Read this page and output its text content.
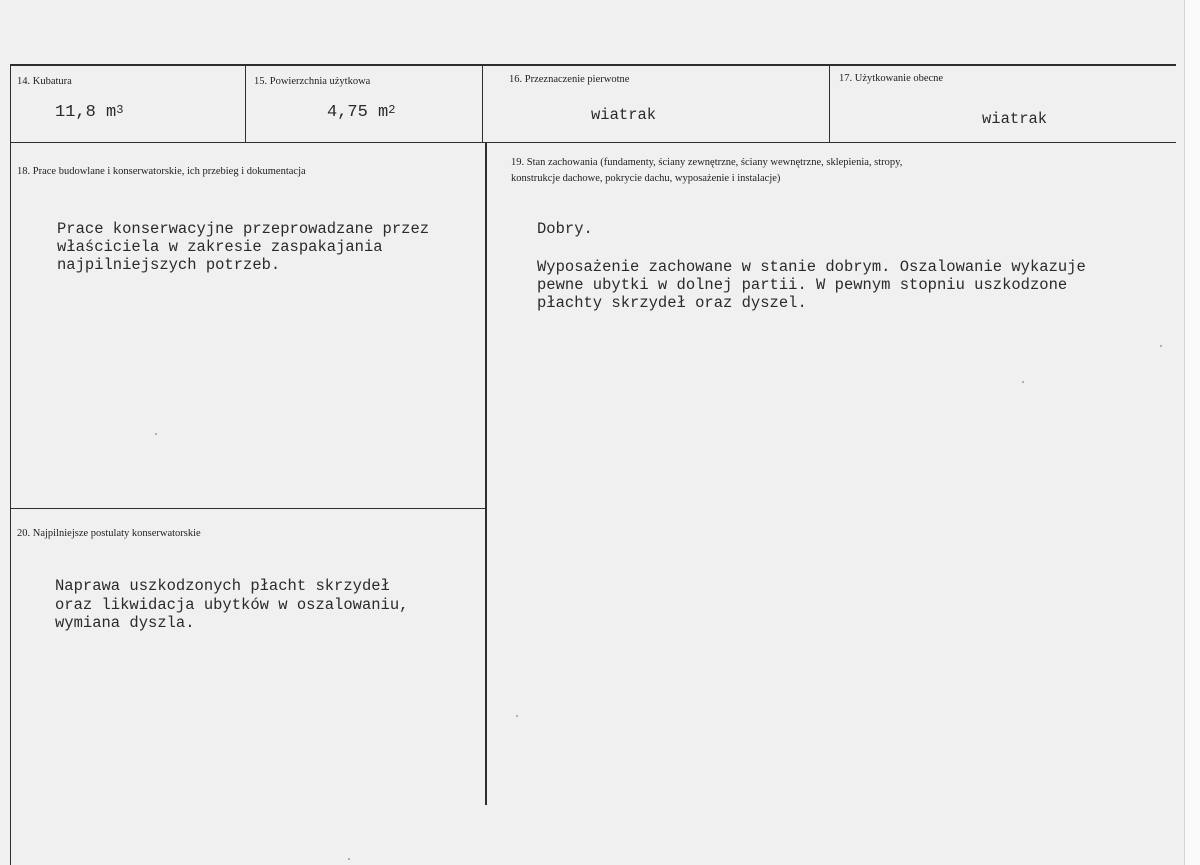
14. Kubatura
11,8 $m^3$
15. Powierzchnia użytkowa
4,75 $m^2$
16. Przeznaczenie pierwotne
wiatrak
17. Użytkowanie obecne
wiatrak
18. Prace budowlane i konserwatorskie, ich przebieg i dokumentacja
Prace konserwacyjne przeprowadzane przez
właściciela w zakresie zaspakajania
najpilniejszych potrzeb.
19. Stan zachowania (fundamenty, ściany zewnętrzne, ściany wewnętrzne, sklepienia, stropy,
konstrukcje dachowe, pokrycie dachu, wyposażenie i instalacje)
Dobry.
Wyposażenie zachowane w stanie dobrym. Oszalowanie wykazuje
pewne ubytki w dolnej partii. W pewnym stopniu uszkodzone
płachty skrzydeł oraz dyszel.
20. Najpilniejsze postulaty konserwatorskie
Naprawa uszkodzonych płacht skrzydeł
oraz likwidacja ubytków w oszalowaniu,
wymiana dyszla.
